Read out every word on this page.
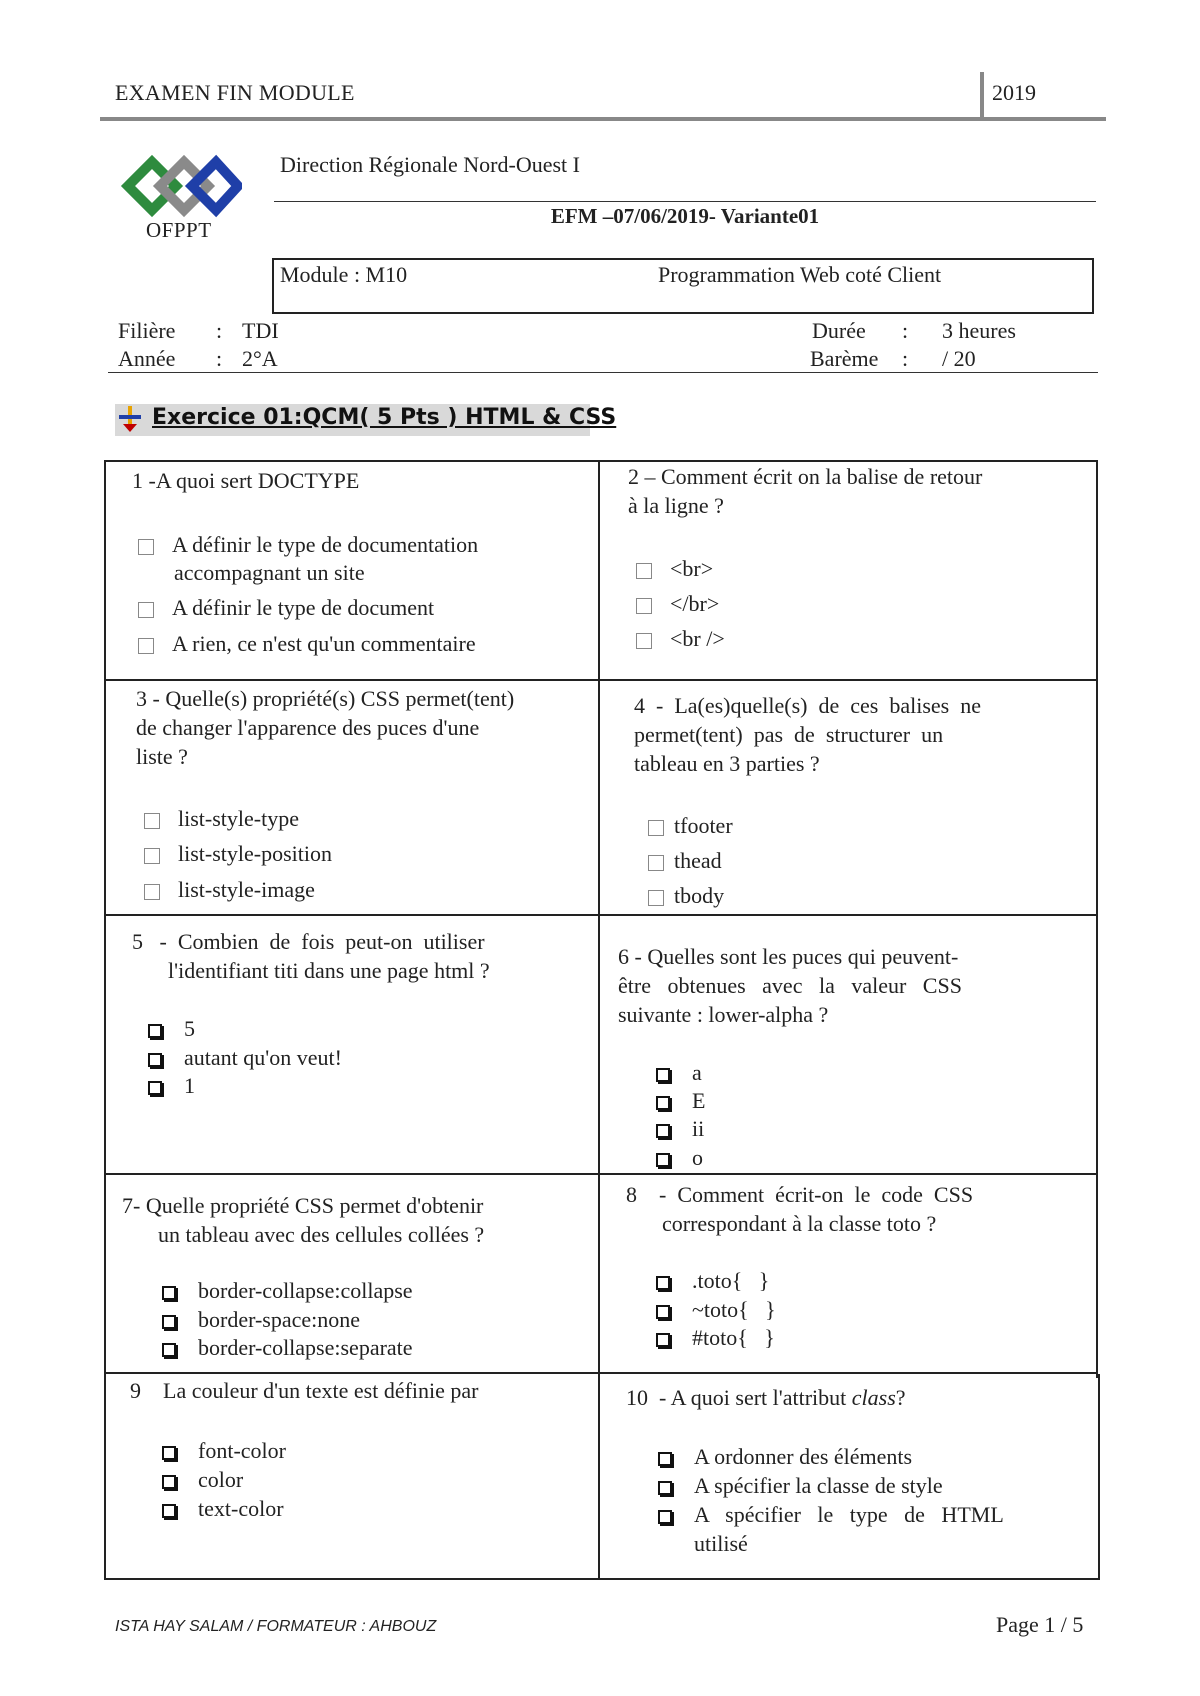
EXAMEN FIN MODULE	2019
OFPPT
Direction Régionale Nord-Ouest I
EFM –07/06/2019- Variante01
Module : M10	Programmation Web coté Client
Filière : TDI
Année : 2°A
Durée : 3 heures
Barème : / 20
Exercice 01:QCM( 5 Pts ) HTML & CSS
1 -A quoi sert DOCTYPE
A définir le type de documentation
accompagnant un site
A définir le type de document
A rien, ce n'est qu'un commentaire
2 – Comment écrit on la balise de retour
à la ligne ?
<br>
</br>
<br />
3 - Quelle(s) propriété(s) CSS permet(tent)
de changer l'apparence des puces d'une
liste ?
list-style-type
list-style-position
list-style-image
4  -  La(es)quelle(s)  de  ces  balises  ne
permet(tent)  pas  de  structurer  un
tableau en 3 parties ?
tfooter
thead
tbody
5   -  Combien  de  fois  peut-on  utiliser
l'identifiant titi dans une page html ?
5
autant qu'on veut!
1
6 - Quelles sont les puces qui peuvent-
être   obtenues   avec   la   valeur   CSS
suivante : lower-alpha ?
a
E
ii
o
7- Quelle propriété CSS permet d'obtenir
un tableau avec des cellules collées ?
border-collapse:collapse
border-space:none
border-collapse:separate
8    -  Comment  écrit-on  le  code  CSS
correspondant à la classe toto ?
.toto{   }
~toto{   }
#toto{   }
9    La couleur d'un texte est définie par
font-color
color
text-color
10  - A quoi sert l'attribut class?
A ordonner des éléments
A spécifier la classe de style
A   spécifier   le   type   de   HTML
utilisé
ISTA HAY SALAM / FORMATEUR : AHBOUZ	Page 1 / 5
